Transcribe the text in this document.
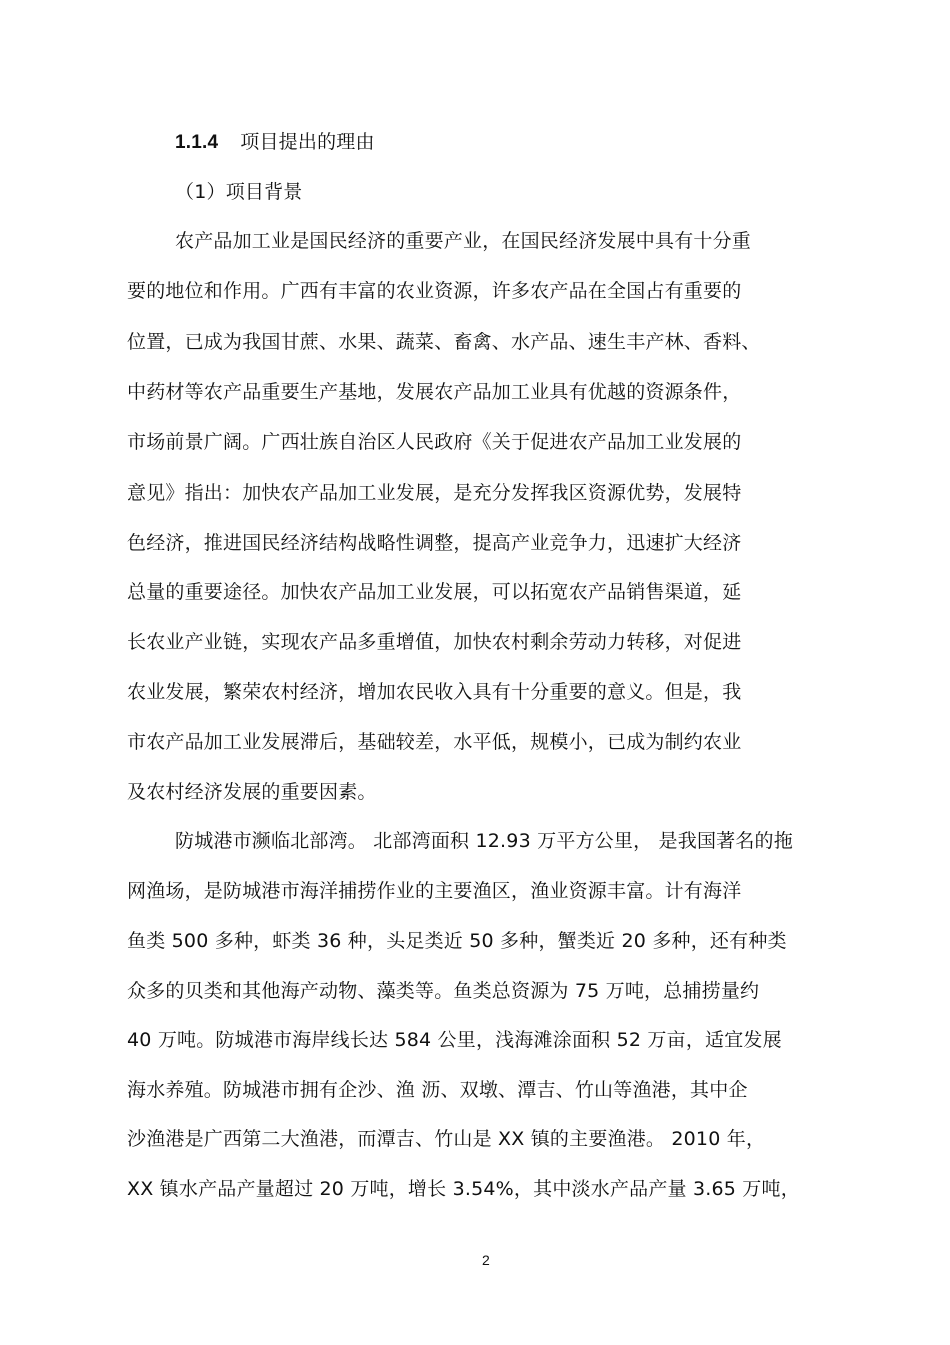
1.1.4 项目提出的理由
（1）项目背景
农产品加工业是国民经济的重要产业，在国民经济发展中具有十分重
要的地位和作用。广西有丰富的农业资源，许多农产品在全国占有重要的
位置，已成为我国甘蔗、水果、蔬菜、畜禽、水产品、速生丰产林、香料、
中药材等农产品重要生产基地，发展农产品加工业具有优越的资源条件，
市场前景广阔。广西壮族自治区人民政府《关于促进农产品加工业发展的
意见》指出：加快农产品加工业发展，是充分发挥我区资源优势，发展特
色经济，推进国民经济结构战略性调整，提高产业竞争力，迅速扩大经济
总量的重要途径。加快农产品加工业发展，可以拓宽农产品销售渠道，延
长农业产业链，实现农产品多重增值，加快农村剩余劳动力转移，对促进
农业发展，繁荣农村经济，增加农民收入具有十分重要的意义。但是，我
市农产品加工业发展滞后，基础较差，水平低，规模小，已成为制约农业
及农村经济发展的重要因素。
防城港市濒临北部湾。 北部湾面积 12.93 万平方公里， 是我国著名的拖
网渔场，是防城港市海洋捕捞作业的主要渔区，渔业资源丰富。计有海洋
鱼类 500 多种，虾类 36 种，头足类近 50 多种，蟹类近 20 多种，还有种类
众多的贝类和其他海产动物、藻类等。鱼类总资源为 75 万吨，总捕捞量约
40 万吨。防城港市海岸线长达 584 公里，浅海滩涂面积 52 万亩，适宜发展
海水养殖。防城港市拥有企沙、渔 沥、双墩、潭吉、竹山等渔港，其中企
沙渔港是广西第二大渔港，而潭吉、竹山是 XX 镇的主要渔港。 2010 年，
XX 镇水产品产量超过 20 万吨，增长 3.54%，其中淡水产品产量 3.65 万吨，
2
